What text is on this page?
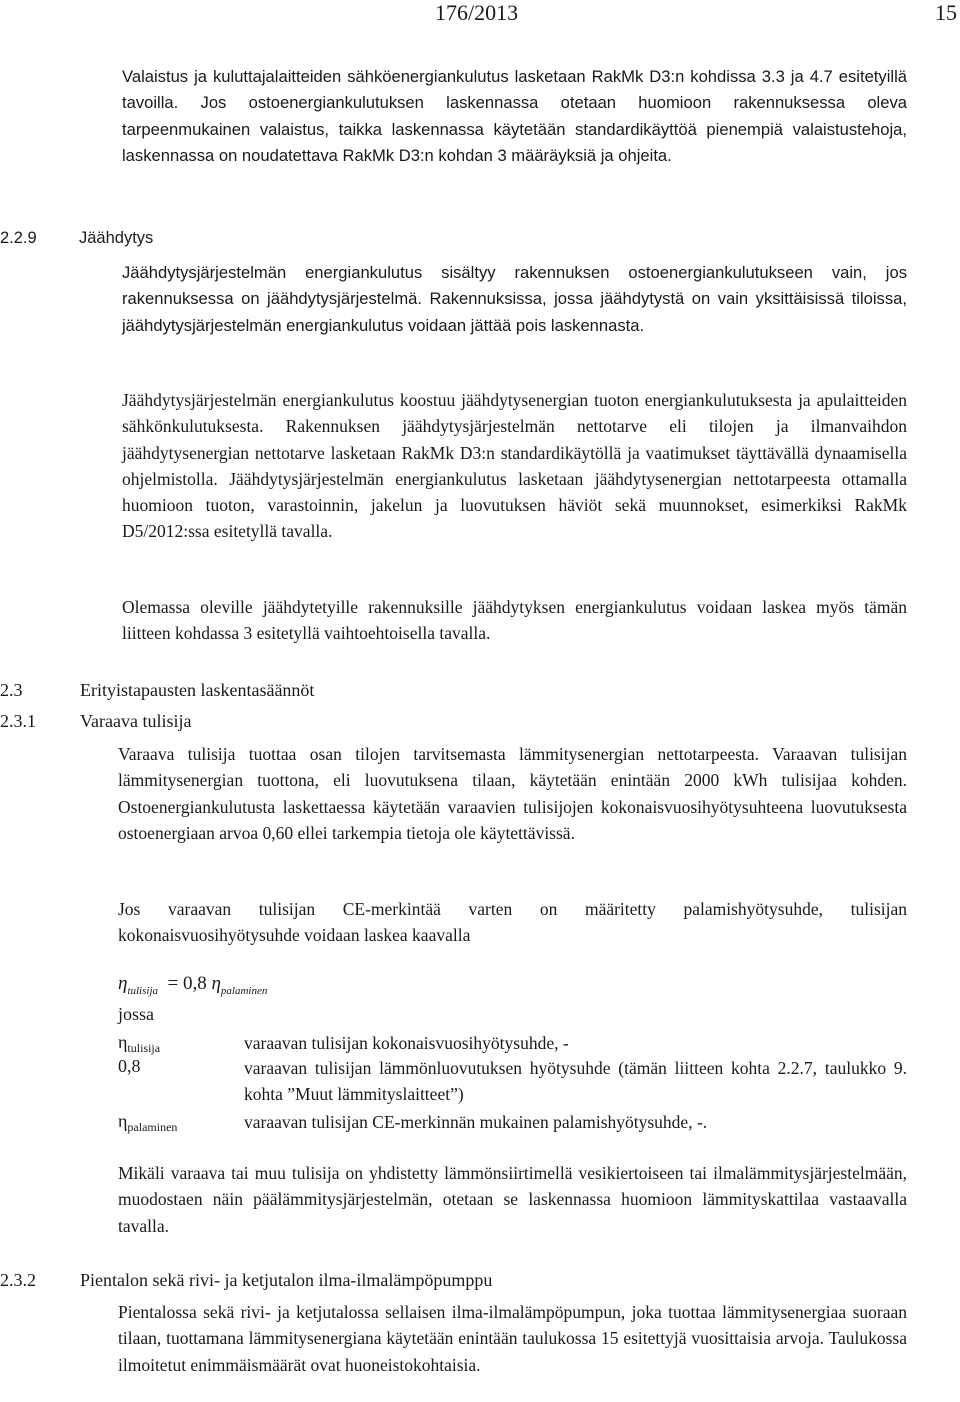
176/2013	15

Valaistus ja kuluttajalaitteiden sähköenergiankulutus lasketaan RakMk D3:n kohdissa 3.3 ja 4.7 esitetyillä tavoilla. Jos ostoenergiankulutuksen laskennassa otetaan huomioon rakennuksessa oleva tarpeenmukainen valaistus, taikka laskennassa käytetään standardikäyttöä pienempiä valaistustehoja, laskennassa on noudatettava RakMk D3:n kohdan 3 määräyksiä ja ohjeita.

2.2.9	Jäähdytys

Jäähdytysjärjestelmän energiankulutus sisältyy rakennuksen ostoenergiankulutukseen vain, jos rakennuksessa on jäähdytysjärjestelmä. Rakennuksissa, jossa jäähdytystä on vain yksittäisissä tiloissa, jäähdytysjärjestelmän energiankulutus voidaan jättää pois laskennasta.

Jäähdytysjärjestelmän energiankulutus koostuu jäähdytysenergian tuoton energiankulutuksesta ja apulaitteiden sähkönkulutuksesta. Rakennuksen jäähdytysjärjestelmän nettotarve eli tilojen ja ilmanvaihdon jäähdytysenergian nettotarve lasketaan RakMk D3:n standardikäytöllä ja vaatimukset täyttävällä dynaamisella ohjelmistolla. Jäähdytysjärjestelmän energiankulutus lasketaan jäähdytysenergian nettotarpeesta ottamalla huomioon tuoton, varastoinnin, jakelun ja luovutuksen häviöt sekä muunnokset, esimerkiksi RakMk D5/2012:ssa esitetyllä tavalla.

Olemassa oleville jäähdytetyille rakennuksille jäähdytyksen energiankulutus voidaan laskea myös tämän liitteen kohdassa 3 esitetyllä vaihtoehtoisella tavalla.

2.3	Erityistapausten laskentasäännöt
2.3.1 Varaava tulisija

Varaava tulisija tuottaa osan tilojen tarvitsemasta lämmitysenergian nettotarpeesta. Varaavan tulisijan lämmitysenergian tuottona, eli luovutuksena tilaan, käytetään enintään 2000 kWh tulisijaa kohden. Ostoenergiankulutusta laskettaessa käytetään varaavien tulisijojen kokonaisvuosihyötysuhteena luovutuksesta ostoenergiaan arvoa 0,60 ellei tarkempia tietoja ole käytettävissä.

Jos varaavan tulisijan CE-merkintää varten on määritetty palamishyötysuhde, tulisijan kokonaisvuosihyötysuhde voidaan laskea kaavalla

$\eta_{tulisija} = 0,8$ $\eta_{palaminen}$
jossa
$\eta_{tulisija}$	varaavan tulisijan kokonaisvuosihyötysuhde, -
0,8	varaavan tulisijan lämmönluovutuksen hyötysuhde (tämän liitteen kohta 2.2.7, taulukko 9. kohta ”Muut lämmityslaitteet”)
$\eta_{palaminen}$	varaavan tulisijan CE-merkinnän mukainen palamishyötysuhde, -.

Mikäli varaava tai muu tulisija on yhdistetty lämmönsiirtimellä vesikiertoiseen tai ilmalämmitysjärjestelmään, muodostaen näin päälämmitysjärjestelmän, otetaan se laskennassa huomioon lämmityskattilaa vastaavalla tavalla.

2.3.2 Pientalon sekä rivi- ja ketjutalon ilma-ilmalämpöpumppu

Pientalossa sekä rivi- ja ketjutalossa sellaisen ilma-ilmalämpöpumpun, joka tuottaa lämmitysenergiaa suoraan tilaan, tuottamana lämmitysenergiana käytetään enintään taulukossa 15 esitettyjä vuosittaisia arvoja. Taulukossa ilmoitetut enimmäismäärät ovat huoneistokohtaisia.
